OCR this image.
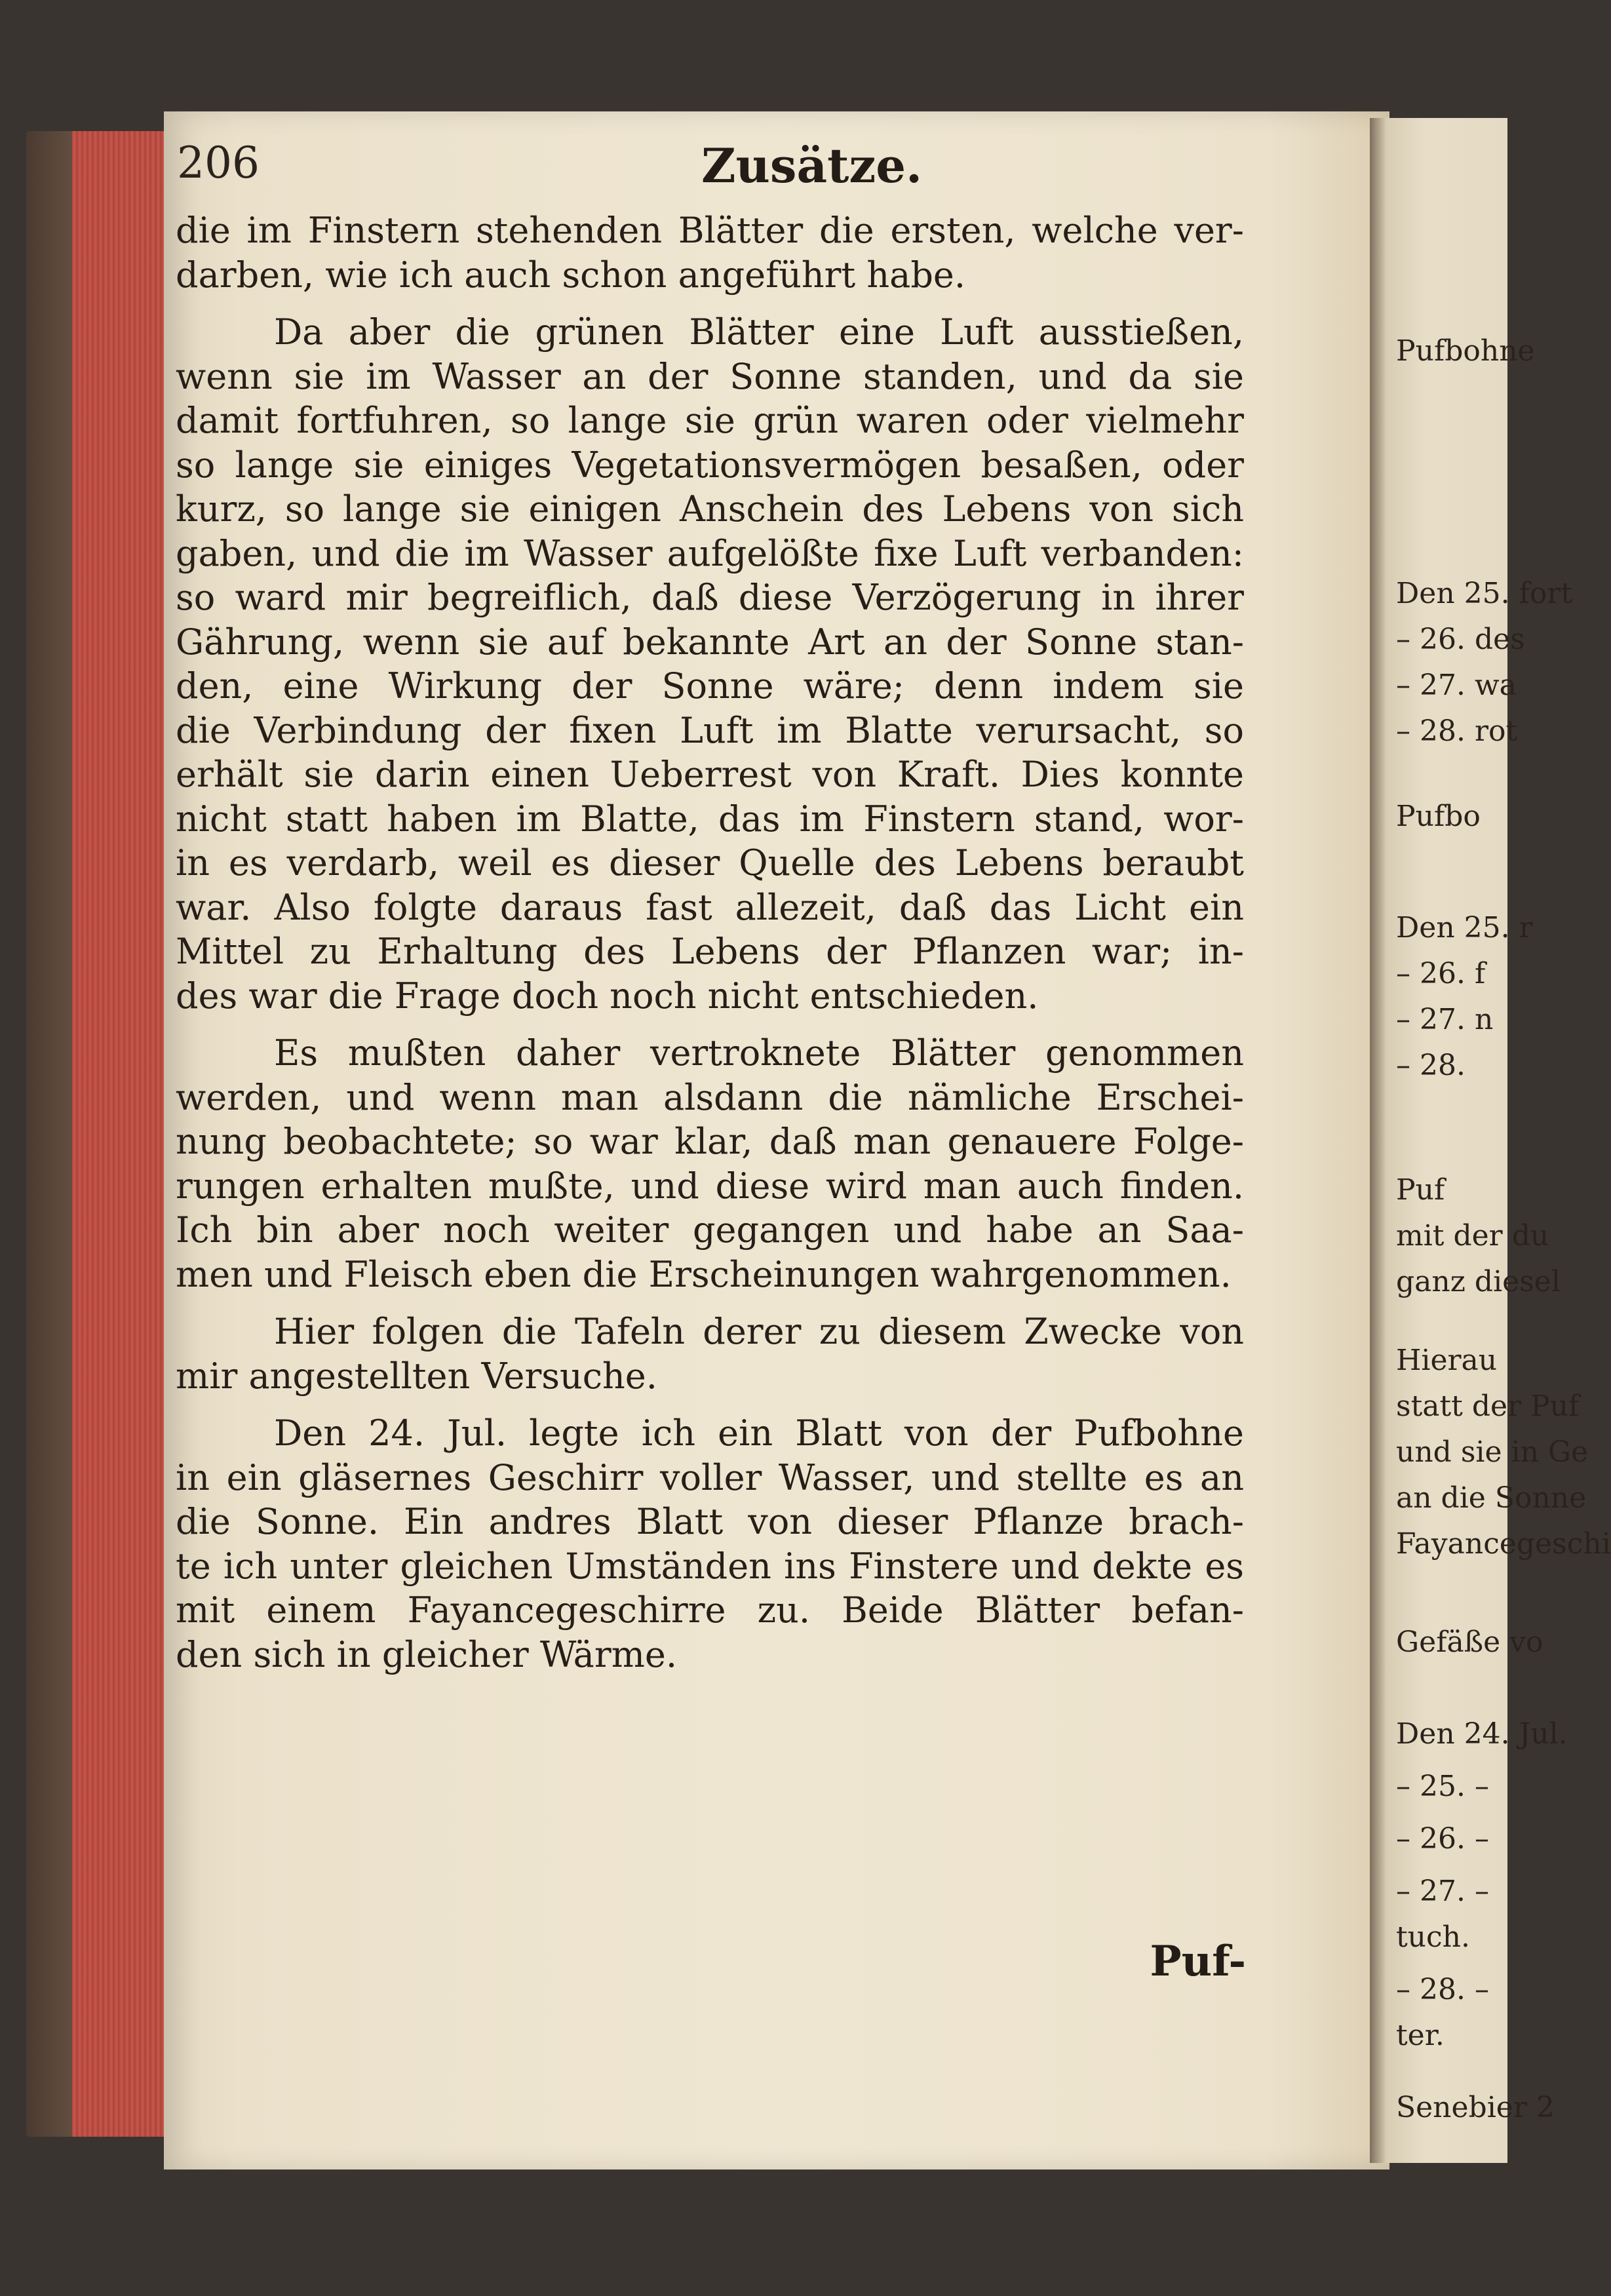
206	Zusätze.

die im Finstern stehenden Blätter die ersten, welche ver-
darben, wie ich auch schon angeführt habe.

Da aber die grünen Blätter eine Luft ausstießen,
wenn sie im Wasser an der Sonne standen, und da sie
damit fortfuhren, so lange sie grün waren oder vielmehr
so lange sie einiges Vegetationsvermögen besaßen, oder
kurz, so lange sie einigen Anschein des Lebens von sich
gaben, und die im Wasser aufgelößte fixe Luft verbanden:
so ward mir begreiflich, daß diese Verzögerung in ihrer
Gährung, wenn sie auf bekannte Art an der Sonne stan-
den, eine Wirkung der Sonne wäre; denn indem sie
die Verbindung der fixen Luft im Blatte verursacht, so
erhält sie darin einen Ueberrest von Kraft. Dies konnte
nicht statt haben im Blatte, das im Finstern stand, wor-
in es verdarb, weil es dieser Quelle des Lebens beraubt
war. Also folgte daraus fast allezeit, daß das Licht ein
Mittel zu Erhaltung des Lebens der Pflanzen war; in-
des war die Frage doch noch nicht entschieden.

Es mußten daher vertroknete Blätter genommen
werden, und wenn man alsdann die nämliche Erschei-
nung beobachtete; so war klar, daß man genauere Folge-
rungen erhalten mußte, und diese wird man auch finden.
Ich bin aber noch weiter gegangen und habe an Saa-
men und Fleisch eben die Erscheinungen wahrgenommen.

Hier folgen die Tafeln derer zu diesem Zwecke von
mir angestellten Versuche.

Den 24. Jul. legte ich ein Blatt von der Pufbohne
in ein gläsernes Geschirr voller Wasser, und stellte es an
die Sonne. Ein andres Blatt von dieser Pflanze brach-
te ich unter gleichen Umständen ins Finstere und dekte es
mit einem Fayancegeschirre zu. Beide Blätter befan-
den sich in gleicher Wärme.

Puf-
Pufbohne
Den 25. fort
– 26. des
– 27. wa
– 28. rot
Pufbo
Den 25. r
– 26. f
– 27. n
– 28.
Puf
mit der du
ganz diesel
Hierau
statt der Puf
und sie in Ge
an die Sonne
Fayancegeschi
Gefäße vo
Den 24. Jul.
– 25. –
– 26. –
– 27. –
tuch.
– 28. –
ter.
Senebier 2
